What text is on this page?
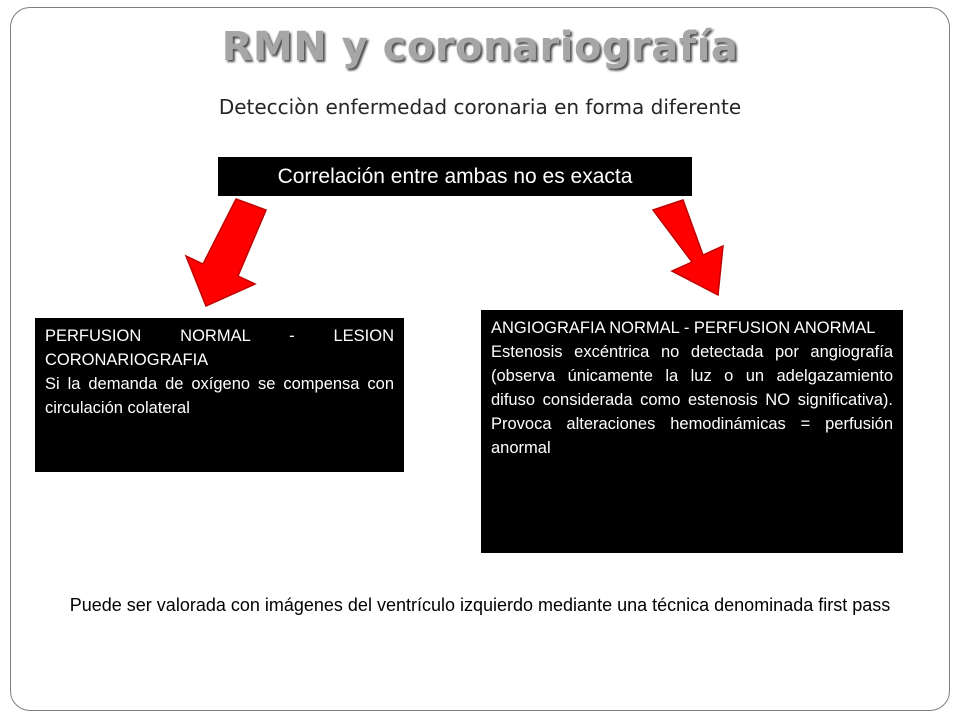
RMN y coronariografía
Detecciòn enfermedad coronaria en forma diferente
Correlación entre ambas no es exacta

PERFUSION NORMAL - LESION CORONARIOGRAFIA

Si la demanda de oxígeno se compensa con circulación colateral

ANGIOGRAFIA NORMAL - PERFUSION ANORMAL

Estenosis excéntrica no detectada por angiografía (observa únicamente la luz o un adelgazamiento difuso considerada como estenosis NO significativa). Provoca alteraciones hemodinámicas = perfusión anormal

Puede ser valorada con imágenes del ventrículo izquierdo mediante una técnica denominada first pass
